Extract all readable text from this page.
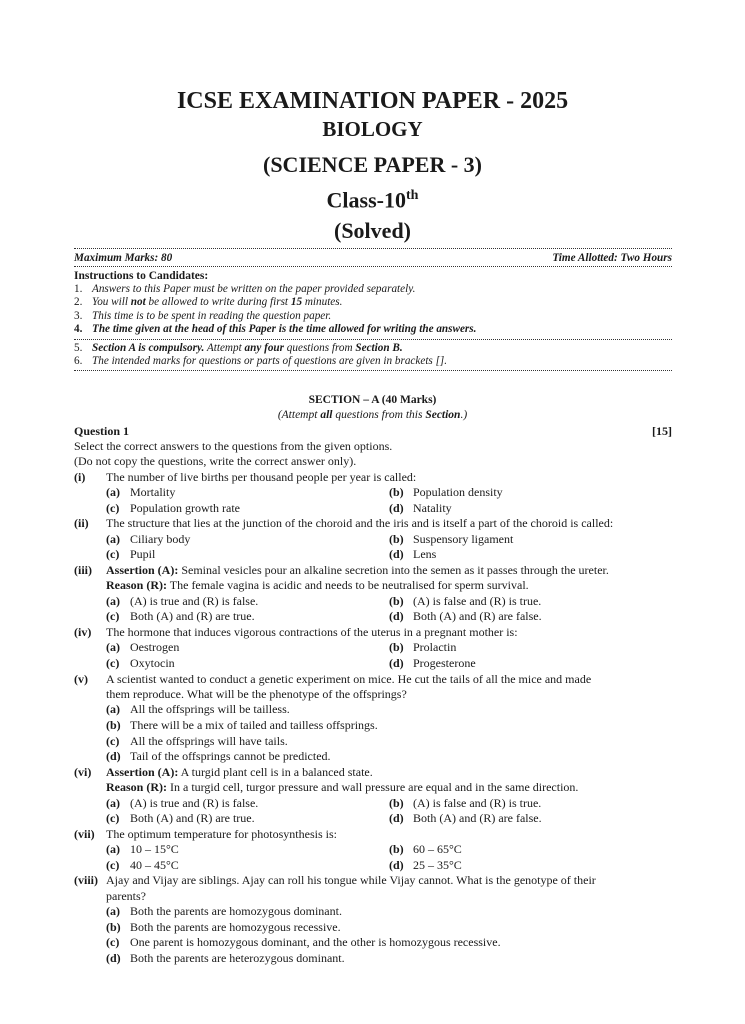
ICSE EXAMINATION PAPER - 2025
BIOLOGY
(SCIENCE PAPER - 3)
Class-10th
(Solved)
Maximum Marks: 80	Time Allotted: Two Hours
Instructions to Candidates:
1. Answers to this Paper must be written on the paper provided separately.
2. You will not be allowed to write during first 15 minutes.
3. This time is to be spent in reading the question paper.
4. The time given at the head of this Paper is the time allowed for writing the answers.
5. Section A is compulsory. Attempt any four questions from Section B.
6. The intended marks for questions or parts of questions are given in brackets [].
SECTION – A (40 Marks)
(Attempt all questions from this Section.)
Question 1	[15]
Select the correct answers to the questions from the given options.
(Do not copy the questions, write the correct answer only).
(i) The number of live births per thousand people per year is called:
(a) Mortality	(b) Population density
(c) Population growth rate	(d) Natality
(ii) The structure that lies at the junction of the choroid and the iris and is itself a part of the choroid is called:
(a) Ciliary body	(b) Suspensory ligament
(c) Pupil	(d) Lens
(iii) Assertion (A): Seminal vesicles pour an alkaline secretion into the semen as it passes through the ureter.
Reason (R): The female vagina is acidic and needs to be neutralised for sperm survival.
(a) (A) is true and (R) is false.	(b) (A) is false and (R) is true.
(c) Both (A) and (R) are true.	(d) Both (A) and (R) are false.
(iv) The hormone that induces vigorous contractions of the uterus in a pregnant mother is:
(a) Oestrogen	(b) Prolactin
(c) Oxytocin	(d) Progesterone
(v) A scientist wanted to conduct a genetic experiment on mice. He cut the tails of all the mice and made
them reproduce. What will be the phenotype of the offsprings?
(a) All the offsprings will be tailless.
(b) There will be a mix of tailed and tailless offsprings.
(c) All the offsprings will have tails.
(d) Tail of the offsprings cannot be predicted.
(vi) Assertion (A): A turgid plant cell is in a balanced state.
Reason (R): In a turgid cell, turgor pressure and wall pressure are equal and in the same direction.
(a) (A) is true and (R) is false.	(b) (A) is false and (R) is true.
(c) Both (A) and (R) are true.	(d) Both (A) and (R) are false.
(vii) The optimum temperature for photosynthesis is:
(a) 10 – 15°C	(b) 60 – 65°C
(c) 40 – 45°C	(d) 25 – 35°C
(viii) Ajay and Vijay are siblings. Ajay can roll his tongue while Vijay cannot. What is the genotype of their
parents?
(a) Both the parents are homozygous dominant.
(b) Both the parents are homozygous recessive.
(c) One parent is homozygous dominant, and the other is homozygous recessive.
(d) Both the parents are heterozygous dominant.
